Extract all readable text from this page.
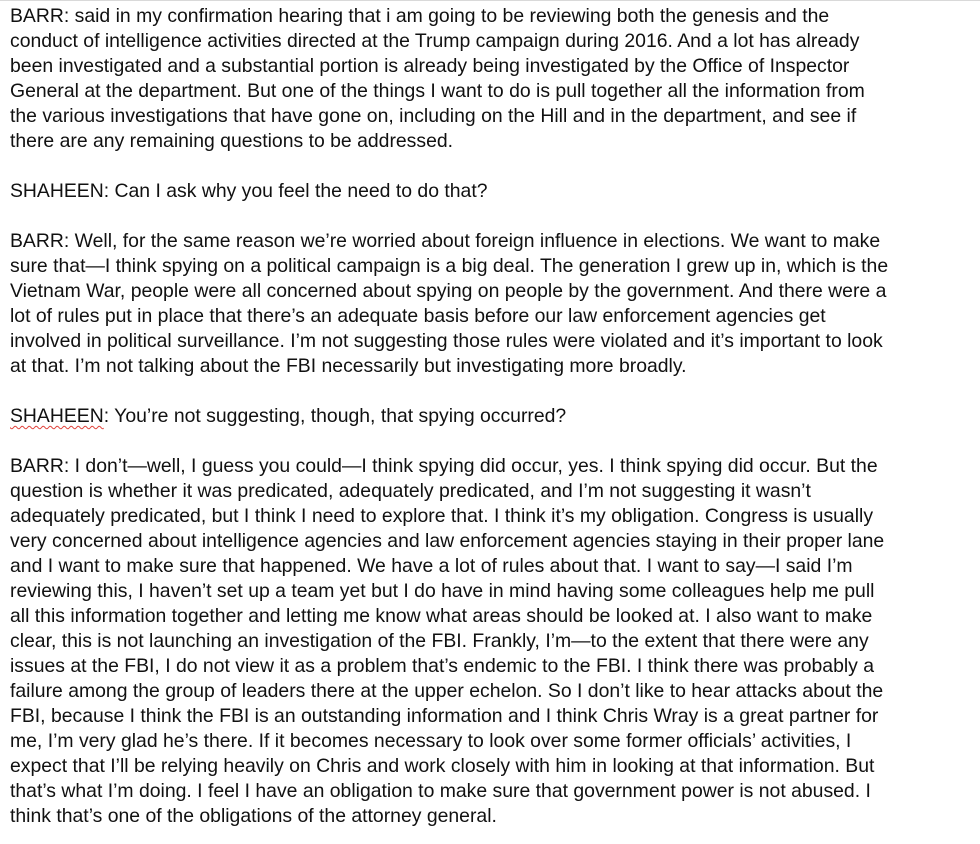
BARR: said in my confirmation hearing that i am going to be reviewing both the genesis and the
conduct of intelligence activities directed at the Trump campaign during 2016. And a lot has already
been investigated and a substantial portion is already being investigated by the Office of Inspector
General at the department. But one of the things I want to do is pull together all the information from
the various investigations that have gone on, including on the Hill and in the department, and see if
there are any remaining questions to be addressed.

SHAHEEN: Can I ask why you feel the need to do that?

BARR: Well, for the same reason we’re worried about foreign influence in elections. We want to make
sure that—I think spying on a political campaign is a big deal. The generation I grew up in, which is the
Vietnam War, people were all concerned about spying on people by the government. And there were a
lot of rules put in place that there’s an adequate basis before our law enforcement agencies get
involved in political surveillance. I’m not suggesting those rules were violated and it’s important to look
at that. I’m not talking about the FBI necessarily but investigating more broadly.

SHAHEEN: You’re not suggesting, though, that spying occurred?

BARR: I don’t—well, I guess you could—I think spying did occur, yes. I think spying did occur. But the
question is whether it was predicated, adequately predicated, and I’m not suggesting it wasn’t
adequately predicated, but I think I need to explore that. I think it’s my obligation. Congress is usually
very concerned about intelligence agencies and law enforcement agencies staying in their proper lane
and I want to make sure that happened. We have a lot of rules about that. I want to say—I said I’m
reviewing this, I haven’t set up a team yet but I do have in mind having some colleagues help me pull
all this information together and letting me know what areas should be looked at. I also want to make
clear, this is not launching an investigation of the FBI. Frankly, I’m—to the extent that there were any
issues at the FBI, I do not view it as a problem that’s endemic to the FBI. I think there was probably a
failure among the group of leaders there at the upper echelon. So I don’t like to hear attacks about the
FBI, because I think the FBI is an outstanding information and I think Chris Wray is a great partner for
me, I’m very glad he’s there. If it becomes necessary to look over some former officials’ activities, I
expect that I’ll be relying heavily on Chris and work closely with him in looking at that information. But
that’s what I’m doing. I feel I have an obligation to make sure that government power is not abused. I
think that’s one of the obligations of the attorney general.
